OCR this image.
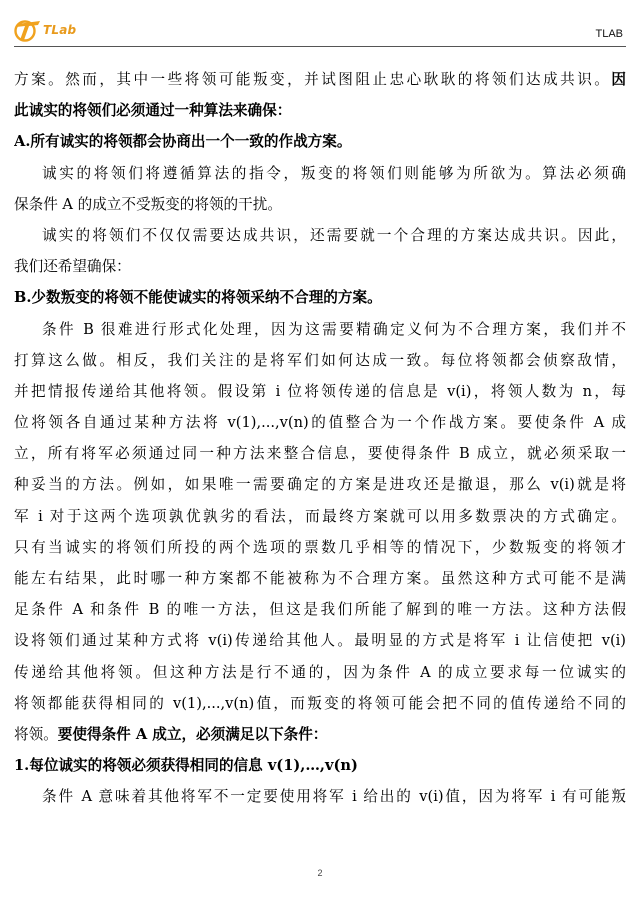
TLab	TLAB
方案。然而，其中一些将领可能叛变，并试图阻止忠心耿耿的将领们达成共识。因
此诚实的将领们必须通过一种算法来确保：
A.所有诚实的将领都会协商出一个一致的作战方案。
诚实的将领们将遵循算法的指令，叛变的将领们则能够为所欲为。算法必须确
保条件 A 的成立不受叛变的将领的干扰。
诚实的将领们不仅仅需要达成共识，还需要就一个合理的方案达成共识。因此，
我们还希望确保：
B.少数叛变的将领不能使诚实的将领采纳不合理的方案。
条件 B 很难进行形式化处理，因为这需要精确定义何为不合理方案，我们并不
打算这么做。相反，我们关注的是将军们如何达成一致。每位将领都会侦察敌情，
并把情报传递给其他将领。假设第 i 位将领传递的信息是 v(i)，将领人数为 n，每
位将领各自通过某种方法将 v(1),...,v(n)的值整合为一个作战方案。要使条件 A 成
立，所有将军必须通过同一种方法来整合信息，要使得条件 B 成立，就必须采取一
种妥当的方法。例如，如果唯一需要确定的方案是进攻还是撤退，那么 v(i)就是将
军 i 对于这两个选项孰优孰劣的看法，而最终方案就可以用多数票决的方式确定。
只有当诚实的将领们所投的两个选项的票数几乎相等的情况下，少数叛变的将领才
能左右结果，此时哪一种方案都不能被称为不合理方案。虽然这种方式可能不是满
足条件 A 和条件 B 的唯一方法，但这是我们所能了解到的唯一方法。这种方法假
设将领们通过某种方式将 v(i)传递给其他人。最明显的方式是将军 i 让信使把 v(i)
传递给其他将领。但这种方法是行不通的，因为条件 A 的成立要求每一位诚实的
将领都能获得相同的 v(1),...,v(n)值，而叛变的将领可能会把不同的值传递给不同的
将领。要使得条件 A 成立，必须满足以下条件：
1.每位诚实的将领必须获得相同的信息 v(1),…,v(n)
条件 A 意味着其他将军不一定要使用将军 i 给出的 v(i)值，因为将军 i 有可能叛
2
